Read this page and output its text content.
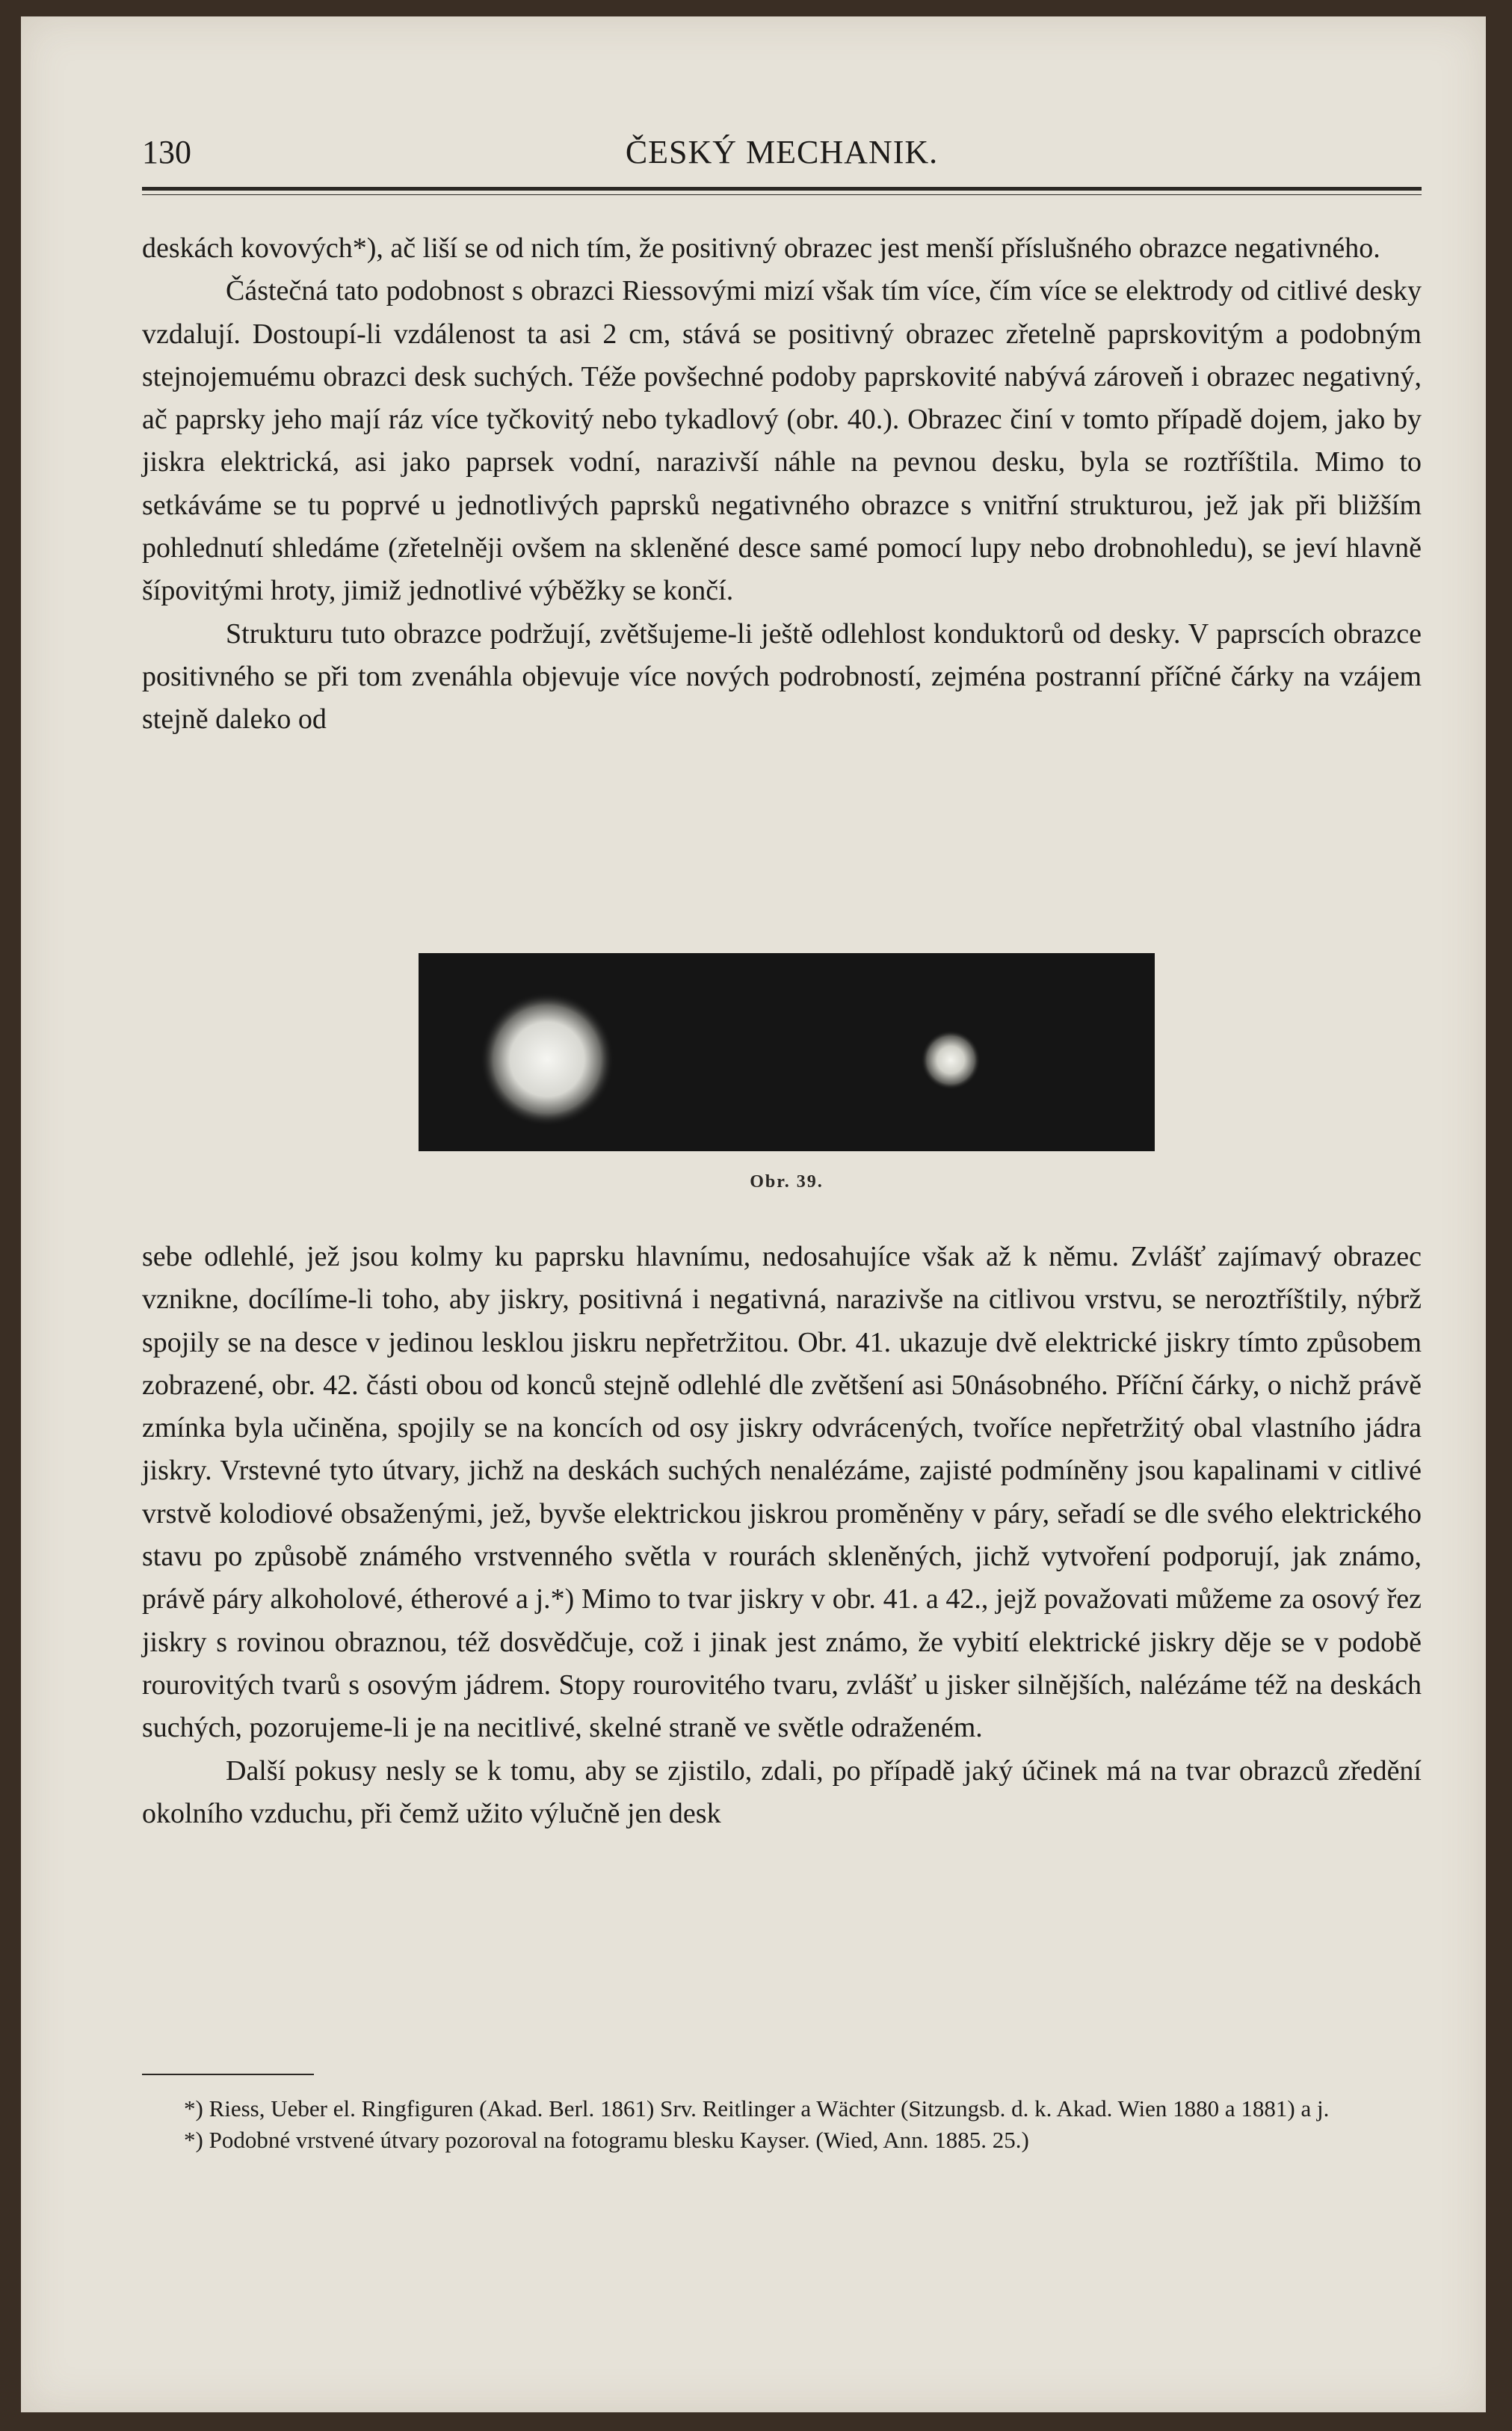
130	ČESKÝ MECHANIK.

deskách kovových*), ač liší se od nich tím, že positivný obrazec jest menší příslušného obrazce negativného.

Částečná tato podobnost s obrazci Riessovými mizí však tím více, čím více se elektrody od citlivé desky vzdalují. Dostoupí-li vzdálenost ta asi 2 cm, stává se positivný obrazec zřetelně paprskovitým a podobným stejnojemuému obrazci desk suchých. Téže povšechné podoby paprskovité nabývá zároveň i obrazec negativný, ač paprsky jeho mají ráz více tyčkovitý nebo tykadlový (obr. 40.). Obrazec činí v tomto případě dojem, jako by jiskra elektrická, asi jako paprsek vodní, narazivší náhle na pevnou desku, byla se roztříštila. Mimo to setkáváme se tu poprvé u jednotlivých paprsků negativného obrazce s vnitřní strukturou, jež jak při bližším pohlednutí shledáme (zřetelněji ovšem na skleněné desce samé pomocí lupy nebo drobnohledu), se jeví hlavně šípovitými hroty, jimiž jednotlivé výběžky se končí.

Strukturu tuto obrazce podržují, zvětšujeme-li ještě odlehlost konduktorů od desky. V paprscích obrazce positivného se při tom zvenáhla objevuje více nových podrobností, zejména postranní příčné čárky na vzájem stejně daleko od

Obr. 39.

sebe odlehlé, jež jsou kolmy ku paprsku hlavnímu, nedosahujíce však až k němu. Zvlášť zajímavý obrazec vznikne, docílíme-li toho, aby jiskry, positivná i negativná, narazivše na citlivou vrstvu, se neroztříštily, nýbrž spojily se na desce v jedinou lesklou jiskru nepřetržitou. Obr. 41. ukazuje dvě elektrické jiskry tímto způsobem zobrazené, obr. 42. části obou od konců stejně odlehlé dle zvětšení asi 50násobného. Příční čárky, o nichž právě zmínka byla učiněna, spojily se na koncích od osy jiskry odvrácených, tvoříce nepřetržitý obal vlastního jádra jiskry. Vrstevné tyto útvary, jichž na deskách suchých nenalézáme, zajisté podmíněny jsou kapalinami v citlivé vrstvě kolodiové obsaženými, jež, byvše elektrickou jiskrou proměněny v páry, seřadí se dle svého elektrického stavu po způsobě známého vrstvenného světla v rourách skleněných, jichž vytvoření podporují, jak známo, právě páry alkoholové, étherové a j.*) Mimo to tvar jiskry v obr. 41. a 42., jejž považovati můžeme za osový řez jiskry s rovinou obraznou, též dosvědčuje, což i jinak jest známo, že vybití elektrické jiskry děje se v podobě rourovitých tvarů s osovým jádrem. Stopy rourovitého tvaru, zvlášť u jisker silnějších, nalézáme též na deskách suchých, pozorujeme-li je na necitlivé, skelné straně ve světle odraženém.

Další pokusy nesly se k tomu, aby se zjistilo, zdali, po případě jaký účinek má na tvar obrazců zředění okolního vzduchu, při čemž užito výlučně jen desk

*) Riess, Ueber el. Ringfiguren (Akad. Berl. 1861) Srv. Reitlinger a Wächter (Sitzungsb. d. k. Akad. Wien 1880 a 1881) a j.

*) Podobné vrstvené útvary pozoroval na fotogramu blesku Kayser. (Wied, Ann. 1885. 25.)
